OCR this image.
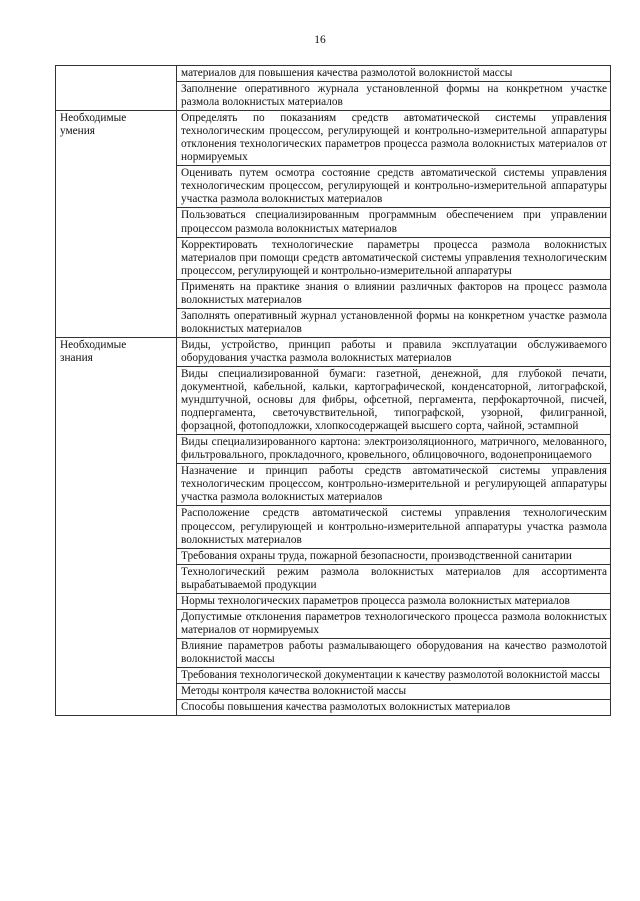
16
	материалов для повышения качества размолотой волокнистой массы
	Заполнение оперативного журнала установленной формы на конкретном участке размола волокнистых материалов

Необходимые
умения	Определять по показаниям средств автоматической системы управления технологическим процессом, регулирующей и контрольно-измерительной аппаратуры отклонения технологических параметров процесса размола волокнистых материалов от нормируемых
	Оценивать путем осмотра состояние средств автоматической системы управления технологическим процессом, регулирующей и контрольно-измерительной аппаратуры участка размола волокнистых материалов
	Пользоваться специализированным программным обеспечением при управлении процессом размола волокнистых материалов
	Корректировать технологические параметры процесса размола волокнистых материалов при помощи средств автоматической системы управления технологическим процессом, регулирующей и контрольно-измерительной аппаратуры
	Применять на практике знания о влиянии различных факторов на процесс размола волокнистых материалов
	Заполнять оперативный журнал установленной формы на конкретном участке размола волокнистых материалов

Необходимые
знания	Виды, устройство, принцип работы и правила эксплуатации обслуживаемого оборудования участка размола волокнистых материалов
	Виды специализированной бумаги: газетной, денежной, для глубокой печати, документной, кабельной, кальки, картографической, конденсаторной, литографской, мундштучной, основы для фибры, офсетной, пергамента, перфокарточной, писчей, подпергамента, светочувствительной, типографской, узорной, филигранной, форзацной, фотоподложки, хлопкосодержащей высшего сорта, чайной, эстампной
	Виды специализированного картона: электроизоляционного, матричного, мелованного, фильтровального, прокладочного, кровельного, облицовочного, водонепроницаемого
	Назначение и принцип работы средств автоматической системы управления технологическим процессом, контрольно-измерительной и регулирующей аппаратуры участка размола волокнистых материалов
	Расположение средств автоматической системы управления технологическим процессом, регулирующей и контрольно-измерительной аппаратуры участка размола волокнистых материалов
	Требования охраны труда, пожарной безопасности, производственной санитарии
	Технологический режим размола волокнистых материалов для ассортимента вырабатываемой продукции
	Нормы технологических параметров процесса размола волокнистых материалов
	Допустимые отклонения параметров технологического процесса размола волокнистых материалов от нормируемых
	Влияние параметров работы размалывающего оборудования на качество размолотой волокнистой массы
	Требования технологической документации к качеству размолотой волокнистой массы
	Методы контроля качества волокнистой массы
	Способы повышения качества размолотых волокнистых материалов
